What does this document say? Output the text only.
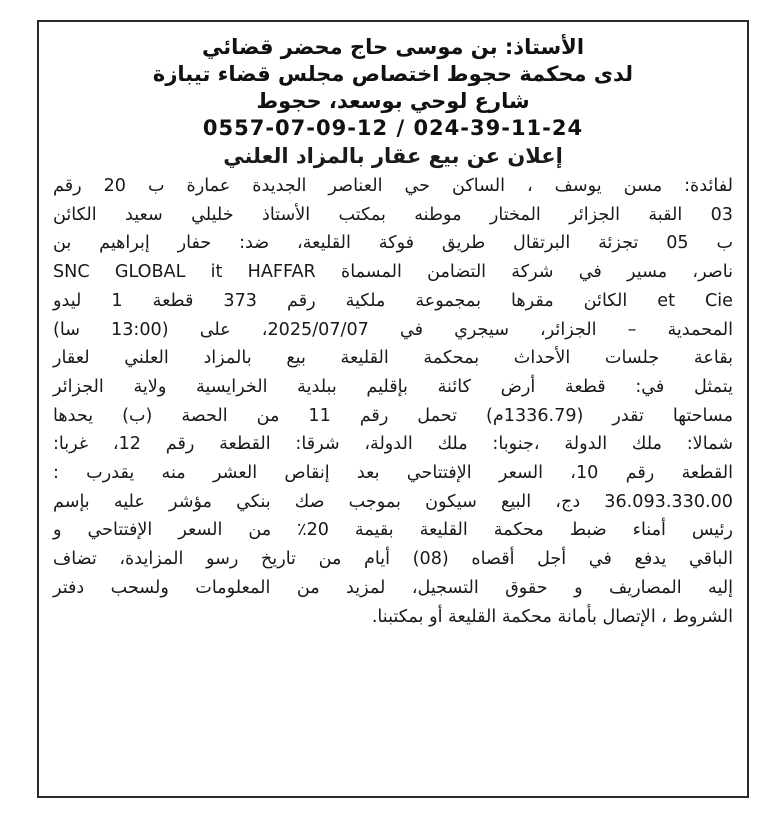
الأستاذ: بن موسى حاج محضر قضائي
لدى محكمة حجوط اختصاص مجلس قضاء تيبازة
شارع لوحي بوسعد، حجوط
0557-07-09-12 / 024-39-11-24
إعلان عن بيع عقار بالمزاد العلني
لفائدة: مسن يوسف ، الساكن حي العناصر الجديدة عمارة ب 20 رقم
03 القبة الجزائر المختار موطنه بمكتب الأستاذ خليلي سعيد الكائن
ب 05 تجزئة البرتقال طريق فوكة القليعة، ضد: حفار إبراهيم بن
ناصر، مسير في شركة التضامن المسماة SNC GLOBAL it HAFFAR
et Cie الكائن مقرها بمجموعة ملكية رقم 373 قطعة 1 ليدو
المحمدية – الجزائر، سيجري في 2025/07/07، على (13:00 سا)
بقاعة جلسات الأحداث بمحكمة القليعة بيع بالمزاد العلني لعقار
يتمثل في: قطعة أرض كائنة بإقليم ببلدية الخرايسية ولاية الجزائر
مساحتها تقدر (1336.79م) تحمل رقم 11 من الحصة (ب) يحدها
شمالا: ملك الدولة ،جنوبا: ملك الدولة، شرقا: القطعة رقم 12، غربا:
القطعة رقم 10، السعر الإفتتاحي بعد إنقاص العشر منه يقدرب :
36.093.330.00 دج، البيع سيكون بموجب صك بنكي مؤشر عليه بإسم
رئيس أمناء ضبط محكمة القليعة بقيمة 20٪ من السعر الإفتتاحي و
الباقي يدفع في أجل أقصاه (08) أيام من تاريخ رسو المزايدة، تضاف
إليه المصاريف و حقوق التسجيل، لمزيد من المعلومات ولسحب دفتر
الشروط ، الإتصال بأمانة محكمة القليعة أو بمكتبنا.
